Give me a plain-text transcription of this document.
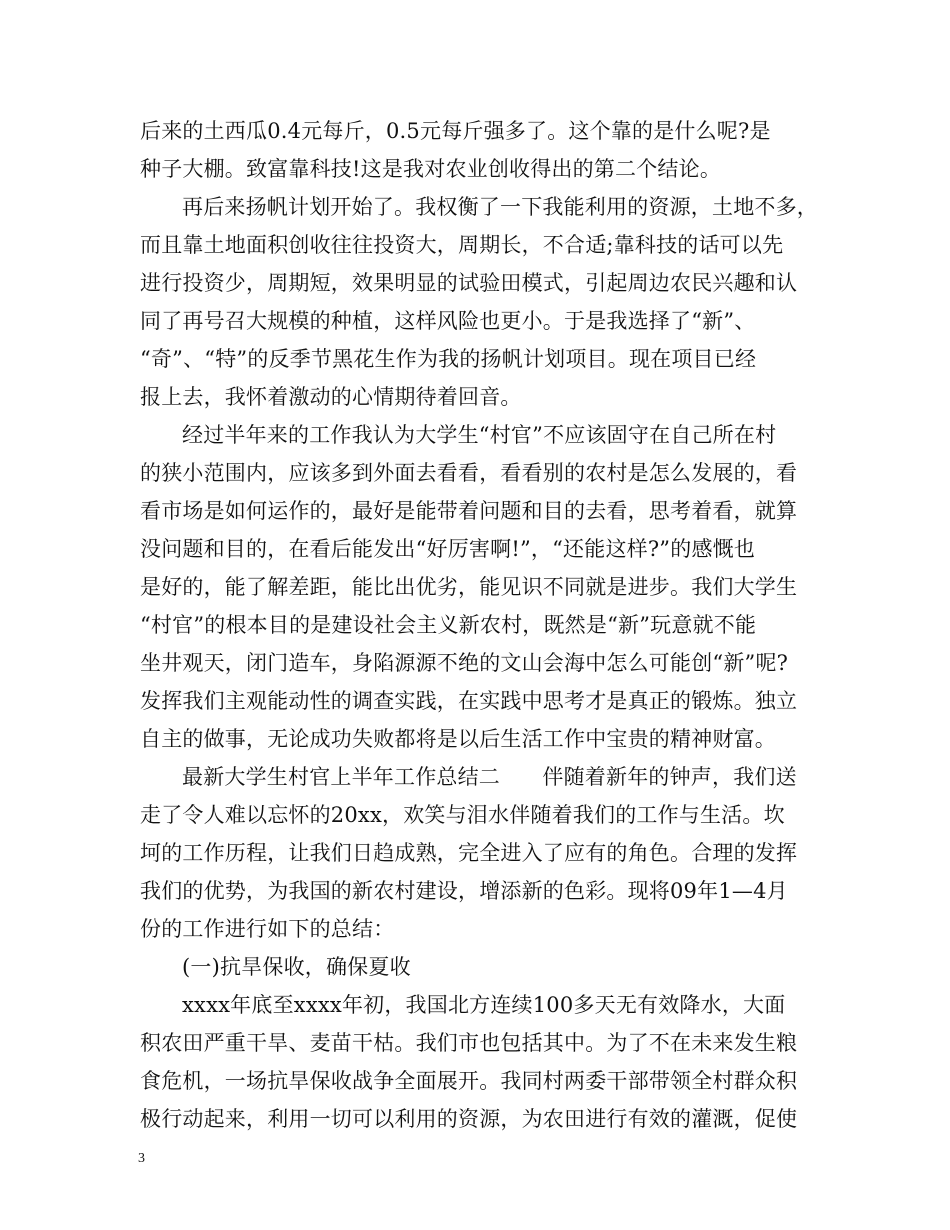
后来的土西瓜0.4元每斤，0.5元每斤强多了。这个靠的是什么呢?是
种子大棚。致富靠科技!这是我对农业创收得出的第二个结论。
再后来扬帆计划开始了。我权衡了一下我能利用的资源，土地不多，
而且靠土地面积创收往往投资大，周期长，不合适;靠科技的话可以先
进行投资少，周期短，效果明显的试验田模式，引起周边农民兴趣和认
同了再号召大规模的种植，这样风险也更小。于是我选择了“新”、
“奇”、“特”的反季节黑花生作为我的扬帆计划项目。现在项目已经
报上去，我怀着激动的心情期待着回音。
经过半年来的工作我认为大学生“村官”不应该固守在自己所在村
的狭小范围内，应该多到外面去看看，看看别的农村是怎么发展的，看
看市场是如何运作的，最好是能带着问题和目的去看，思考着看，就算
没问题和目的，在看后能发出“好厉害啊!”，“还能这样?”的感慨也
是好的，能了解差距，能比出优劣，能见识不同就是进步。我们大学生
“村官”的根本目的是建设社会主义新农村，既然是“新”玩意就不能
坐井观天，闭门造车，身陷源源不绝的文山会海中怎么可能创“新”呢?
发挥我们主观能动性的调查实践，在实践中思考才是真正的锻炼。独立
自主的做事，无论成功失败都将是以后生活工作中宝贵的精神财富。
最新大学生村官上半年工作总结二　　伴随着新年的钟声，我们送
走了令人难以忘怀的20xx，欢笑与泪水伴随着我们的工作与生活。坎
坷的工作历程，让我们日趋成熟，完全进入了应有的角色。合理的发挥
我们的优势，为我国的新农村建设，增添新的色彩。现将09年1—4月
份的工作进行如下的总结：
(一)抗旱保收，确保夏收
xxxx年底至xxxx年初，我国北方连续100多天无有效降水，大面
积农田严重干旱、麦苗干枯。我们市也包括其中。为了不在未来发生粮
食危机，一场抗旱保收战争全面展开。我同村两委干部带领全村群众积
极行动起来，利用一切可以利用的资源，为农田进行有效的灌溉，促使
3
